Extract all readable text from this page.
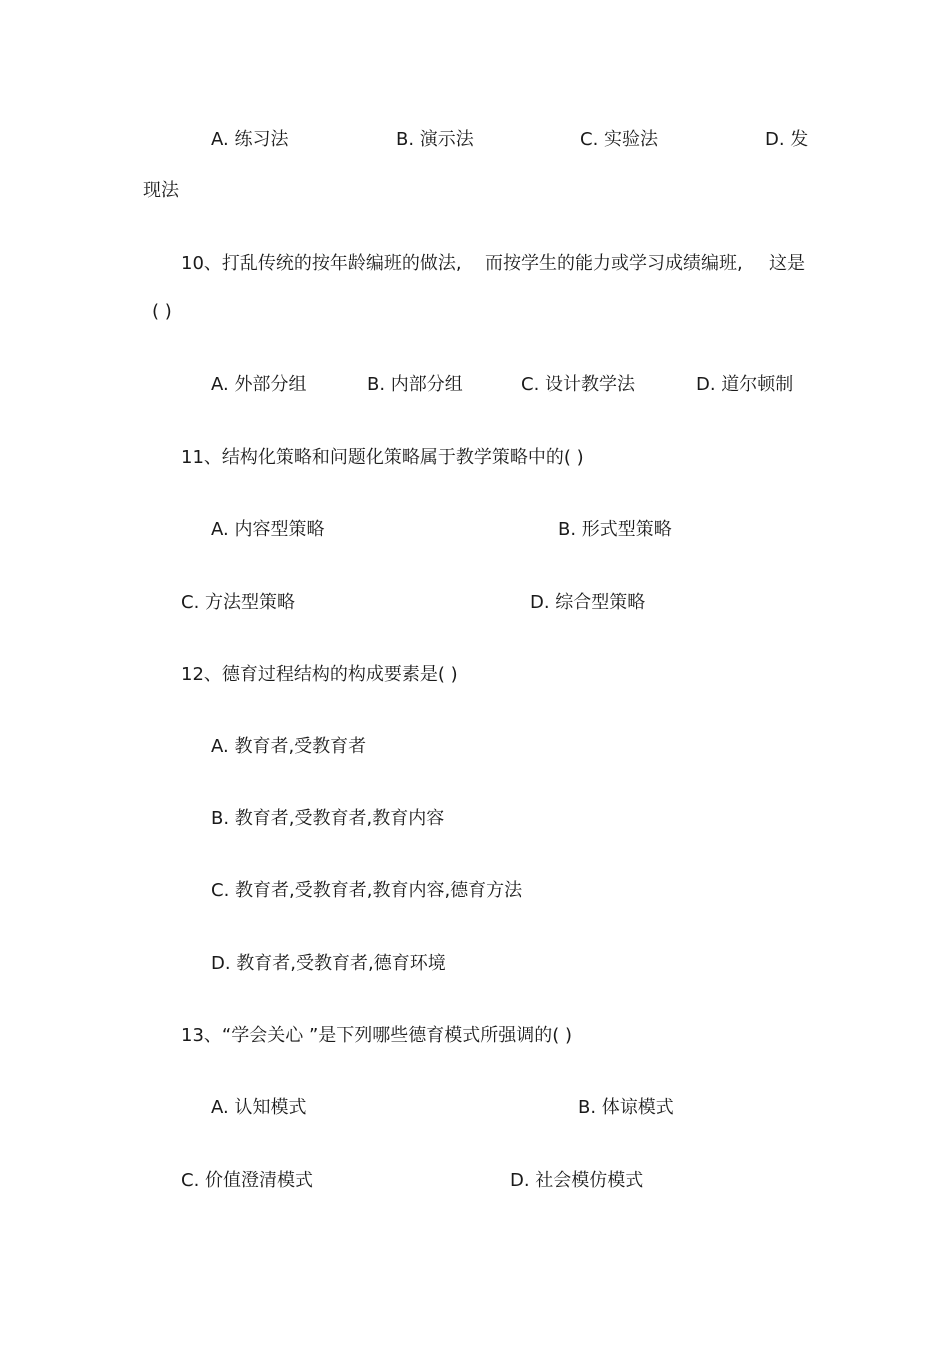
A. 练习法	B. 演示法	C. 实验法	D. 发
现法
10、打乱传统的按年龄编班的做法, 而按学生的能力或学习成绩编班, 这是
( )
A. 外部分组	B. 内部分组	C. 设计教学法	D. 道尔顿制
11、结构化策略和问题化策略属于教学策略中的( )
A. 内容型策略	B. 形式型策略
C. 方法型策略	D. 综合型策略
12、德育过程结构的构成要素是( )
A. 教育者,受教育者
B. 教育者,受教育者,教育内容
C. 教育者,受教育者,教育内容,德育方法
D. 教育者,受教育者,德育环境
13、“学会关心 ”是下列哪些德育模式所强调的( )
A. 认知模式	B. 体谅模式
C. 价值澄清模式	D. 社会模仿模式
